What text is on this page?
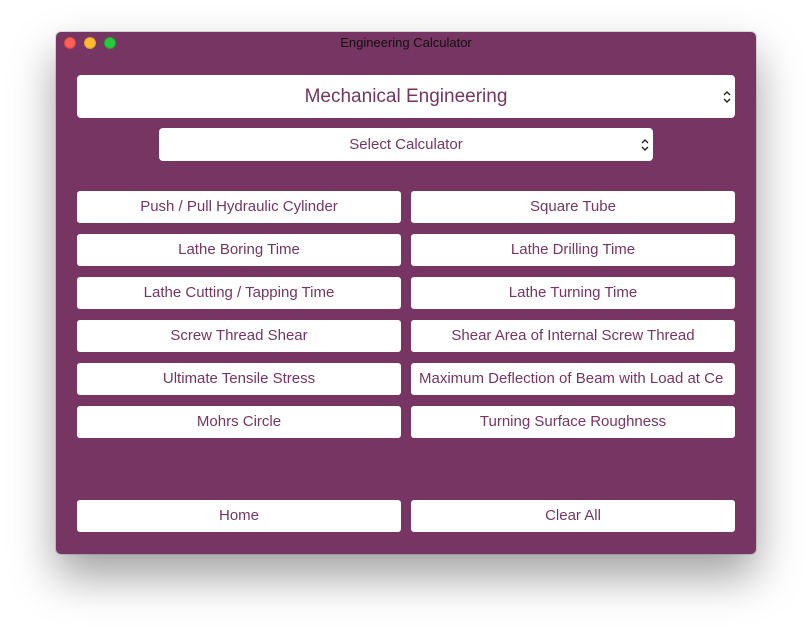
Engineering Calculator
Mechanical Engineering
Select Calculator
Push / Pull Hydraulic Cylinder	Square Tube
Lathe Boring Time	Lathe Drilling Time
Lathe Cutting / Tapping Time	Lathe Turning Time
Screw Thread Shear	Shear Area of Internal Screw Thread
Ultimate Tensile Stress	Maximum Deflection of Beam with Load at Ce
Mohrs Circle	Turning Surface Roughness
Home	Clear All
